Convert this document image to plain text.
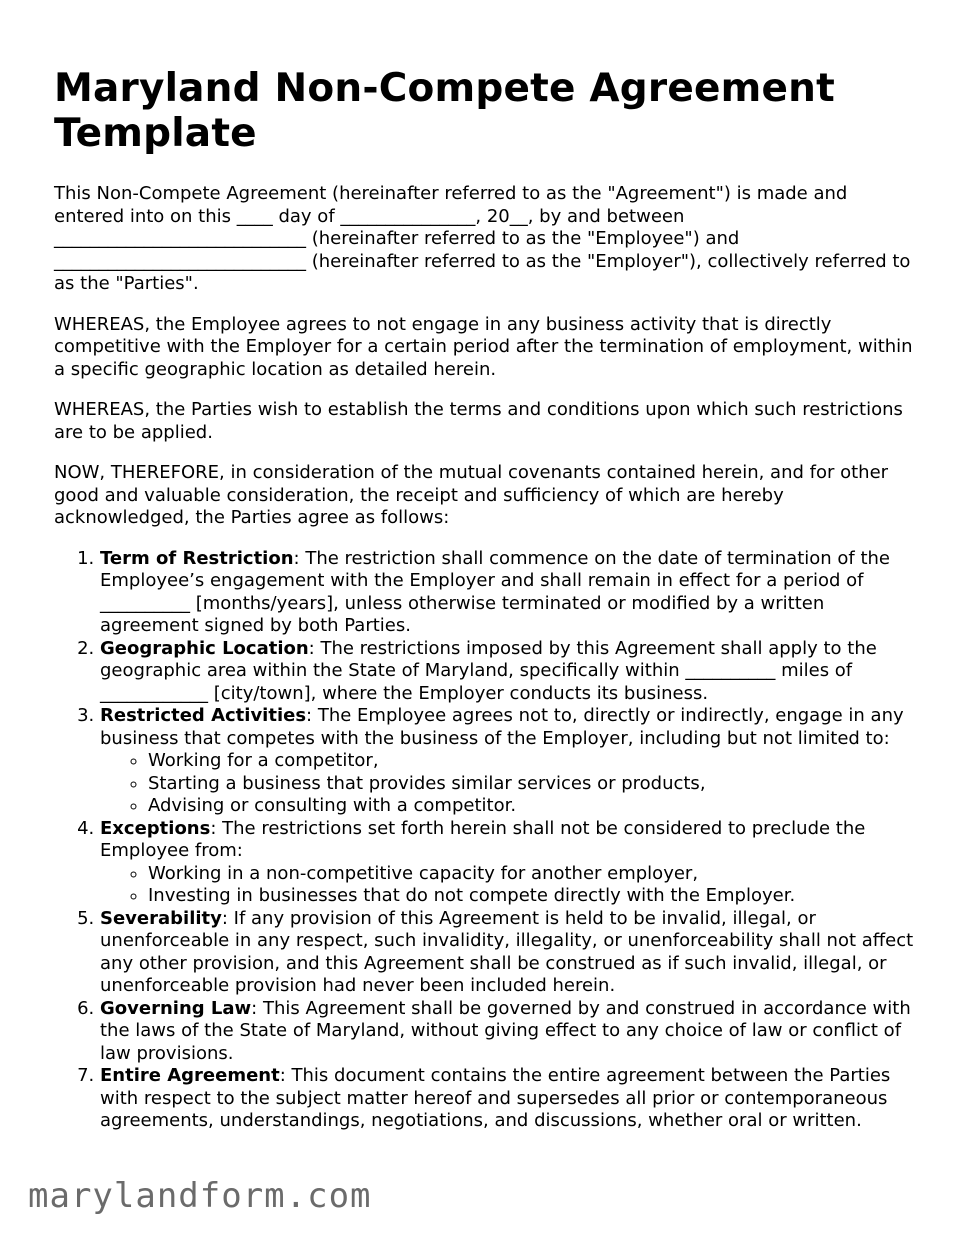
Maryland Non-Compete Agreement Template

This Non-Compete Agreement (hereinafter referred to as the "Agreement") is made and entered into on this ____ day of _______________, 20__, by and between ____________________________ (hereinafter referred to as the "Employee") and ____________________________ (hereinafter referred to as the "Employer"), collectively referred to as the "Parties".

WHEREAS, the Employee agrees to not engage in any business activity that is directly competitive with the Employer for a certain period after the termination of employment, within a specific geographic location as detailed herein.

WHEREAS, the Parties wish to establish the terms and conditions upon which such restrictions are to be applied.

NOW, THEREFORE, in consideration of the mutual covenants contained herein, and for other good and valuable consideration, the receipt and sufficiency of which are hereby acknowledged, the Parties agree as follows:

1. Term of Restriction: The restriction shall commence on the date of termination of the Employee’s engagement with the Employer and shall remain in effect for a period of __________ [months/years], unless otherwise terminated or modified by a written agreement signed by both Parties.
2. Geographic Location: The restrictions imposed by this Agreement shall apply to the geographic area within the State of Maryland, specifically within __________ miles of ____________ [city/town], where the Employer conducts its business.
3. Restricted Activities: The Employee agrees not to, directly or indirectly, engage in any business that competes with the business of the Employer, including but not limited to:
◦ Working for a competitor,
◦ Starting a business that provides similar services or products,
◦ Advising or consulting with a competitor.
4. Exceptions: The restrictions set forth herein shall not be considered to preclude the Employee from:
◦ Working in a non-competitive capacity for another employer,
◦ Investing in businesses that do not compete directly with the Employer.
5. Severability: If any provision of this Agreement is held to be invalid, illegal, or unenforceable in any respect, such invalidity, illegality, or unenforceability shall not affect any other provision, and this Agreement shall be construed as if such invalid, illegal, or unenforceable provision had never been included herein.
6. Governing Law: This Agreement shall be governed by and construed in accordance with the laws of the State of Maryland, without giving effect to any choice of law or conflict of law provisions.
7. Entire Agreement: This document contains the entire agreement between the Parties with respect to the subject matter hereof and supersedes all prior or contemporaneous agreements, understandings, negotiations, and discussions, whether oral or written.
marylandform.com
